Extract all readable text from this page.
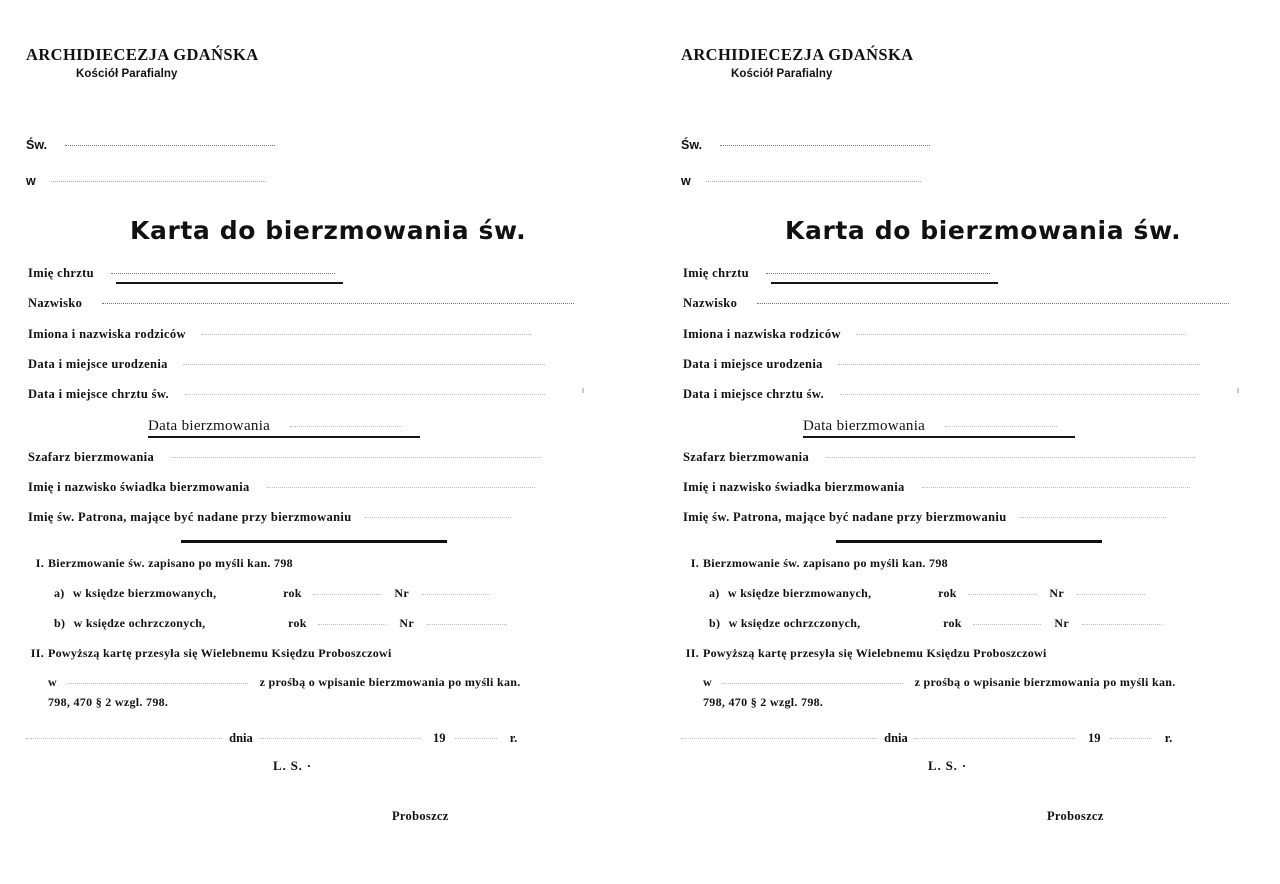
ARCHIDIECEZJA GDAŃSKA
Kościół Parafialny
Św.
w
Karta do bierzmowania św.
Imię chrztu
Nazwisko
Imiona i nazwiska rodziców
Data i miejsce urodzenia
Data i miejsce chrztu św.
Data bierzmowania
Szafarz bierzmowania
Imię i nazwisko świadka bierzmowania
Imię św. Patrona, mające być nadane przy bierzmowaniu
I. Bierzmowanie św. zapisano po myśli kan. 798
a) w księdze bierzmowanych,	rok	Nr
b) w księdze ochrzczonych,	rok	Nr
II. Powyższą kartę przesyła się Wielebnemu Księdzu Proboszczowi
w	z prośbą o wpisanie bierzmowania po myśli kan.
798, 470 § 2 wzgl. 798.
dnia	19	r.
L. S. ·
Proboszcz
ARCHIDIECEZJA GDAŃSKA
Kościół Parafialny
Św.
w
Karta do bierzmowania św.
Imię chrztu
Nazwisko
Imiona i nazwiska rodziców
Data i miejsce urodzenia
Data i miejsce chrztu św.
Data bierzmowania
Szafarz bierzmowania
Imię i nazwisko świadka bierzmowania
Imię św. Patrona, mające być nadane przy bierzmowaniu
I. Bierzmowanie św. zapisano po myśli kan. 798
a) w księdze bierzmowanych,	rok	Nr
b) w księdze ochrzczonych,	rok	Nr
II. Powyższą kartę przesyła się Wielebnemu Księdzu Proboszczowi
w	z prośbą o wpisanie bierzmowania po myśli kan.
798, 470 § 2 wzgl. 798.
dnia	19	r.
L. S. ·
Proboszcz
